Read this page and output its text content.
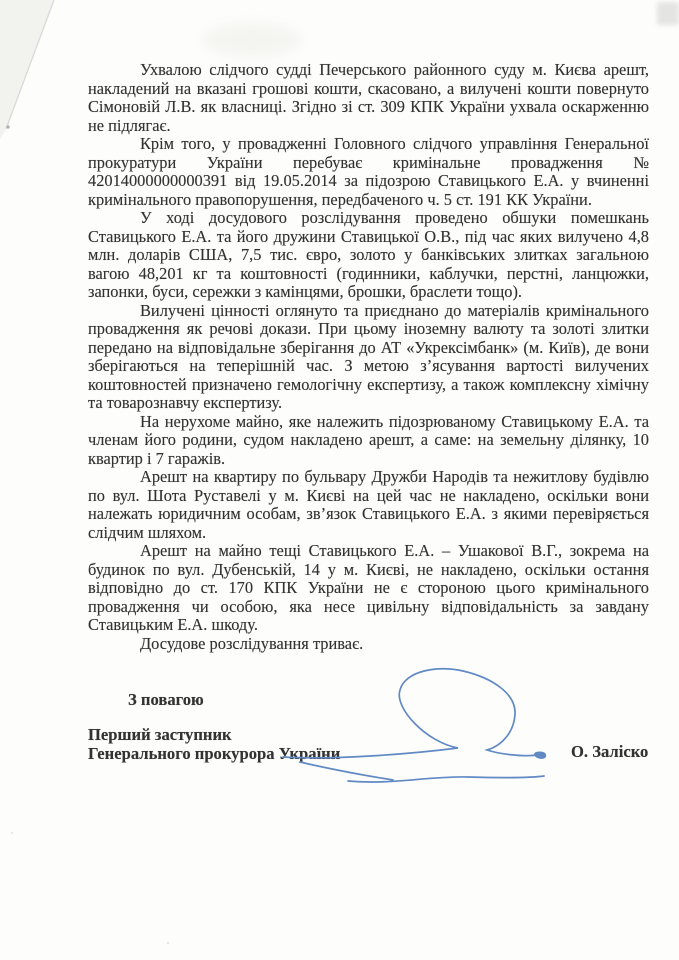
Ухвалою слідчого судді Печерського районного суду м. Києва арешт, накладений на вказані грошові кошти, скасовано, а вилучені кошти повернуто Сімоновій Л.В. як власниці. Згідно зі ст. 309 КПК України ухвала оскарженню не підлягає.

Крім того, у провадженні Головного слідчого управління Генеральної прокуратури України перебуває кримінальне провадження № 42014000000000391 від 19.05.2014 за підозрою Ставицького Е.А. у вчиненні кримінального правопорушення, передбаченого ч. 5 ст. 191 КК України.

У ході досудового розслідування проведено обшуки помешкань Ставицького Е.А. та його дружини Ставицької О.В., під час яких вилучено 4,8 млн. доларів США, 7,5 тис. євро, золото у банківських злитках загальною вагою 48,201 кг та коштовності (годинники, каблучки, перстні, ланцюжки, запонки, буси, сережки з камінцями, брошки, браслети тощо).

Вилучені цінності оглянуто та приєднано до матеріалів кримінального провадження як речові докази. При цьому іноземну валюту та золоті злитки передано на відповідальне зберігання до АТ «Укрексімбанк» (м. Київ), де вони зберігаються на теперішній час. З метою з’ясування вартості вилучених коштовностей призначено гемологічну експертизу, а також комплексну хімічну та товарознавчу експертизу.

На нерухоме майно, яке належить підозрюваному Ставицькому Е.А. та членам його родини, судом накладено арешт, а саме: на земельну ділянку, 10 квартир і 7 гаражів.

Арешт на квартиру по бульвару Дружби Народів та нежитлову будівлю по вул. Шота Руставелі у м. Києві на цей час не накладено, оскільки вони належать юридичним особам, зв’язок Ставицького Е.А. з якими перевіряється слідчим шляхом.

Арешт на майно тещі Ставицького Е.А. – Ушакової В.Г., зокрема на будинок по вул. Дубенській, 14 у м. Києві, не накладено, оскільки остання відповідно до ст. 170 КПК України не є стороною цього кримінального провадження чи особою, яка несе цивільну відповідальність за завдану Ставицьким Е.А. шкоду.

Досудове розслідування триває.

З повагою
Перший заступник
Генерального прокурора України	О. Заліско
